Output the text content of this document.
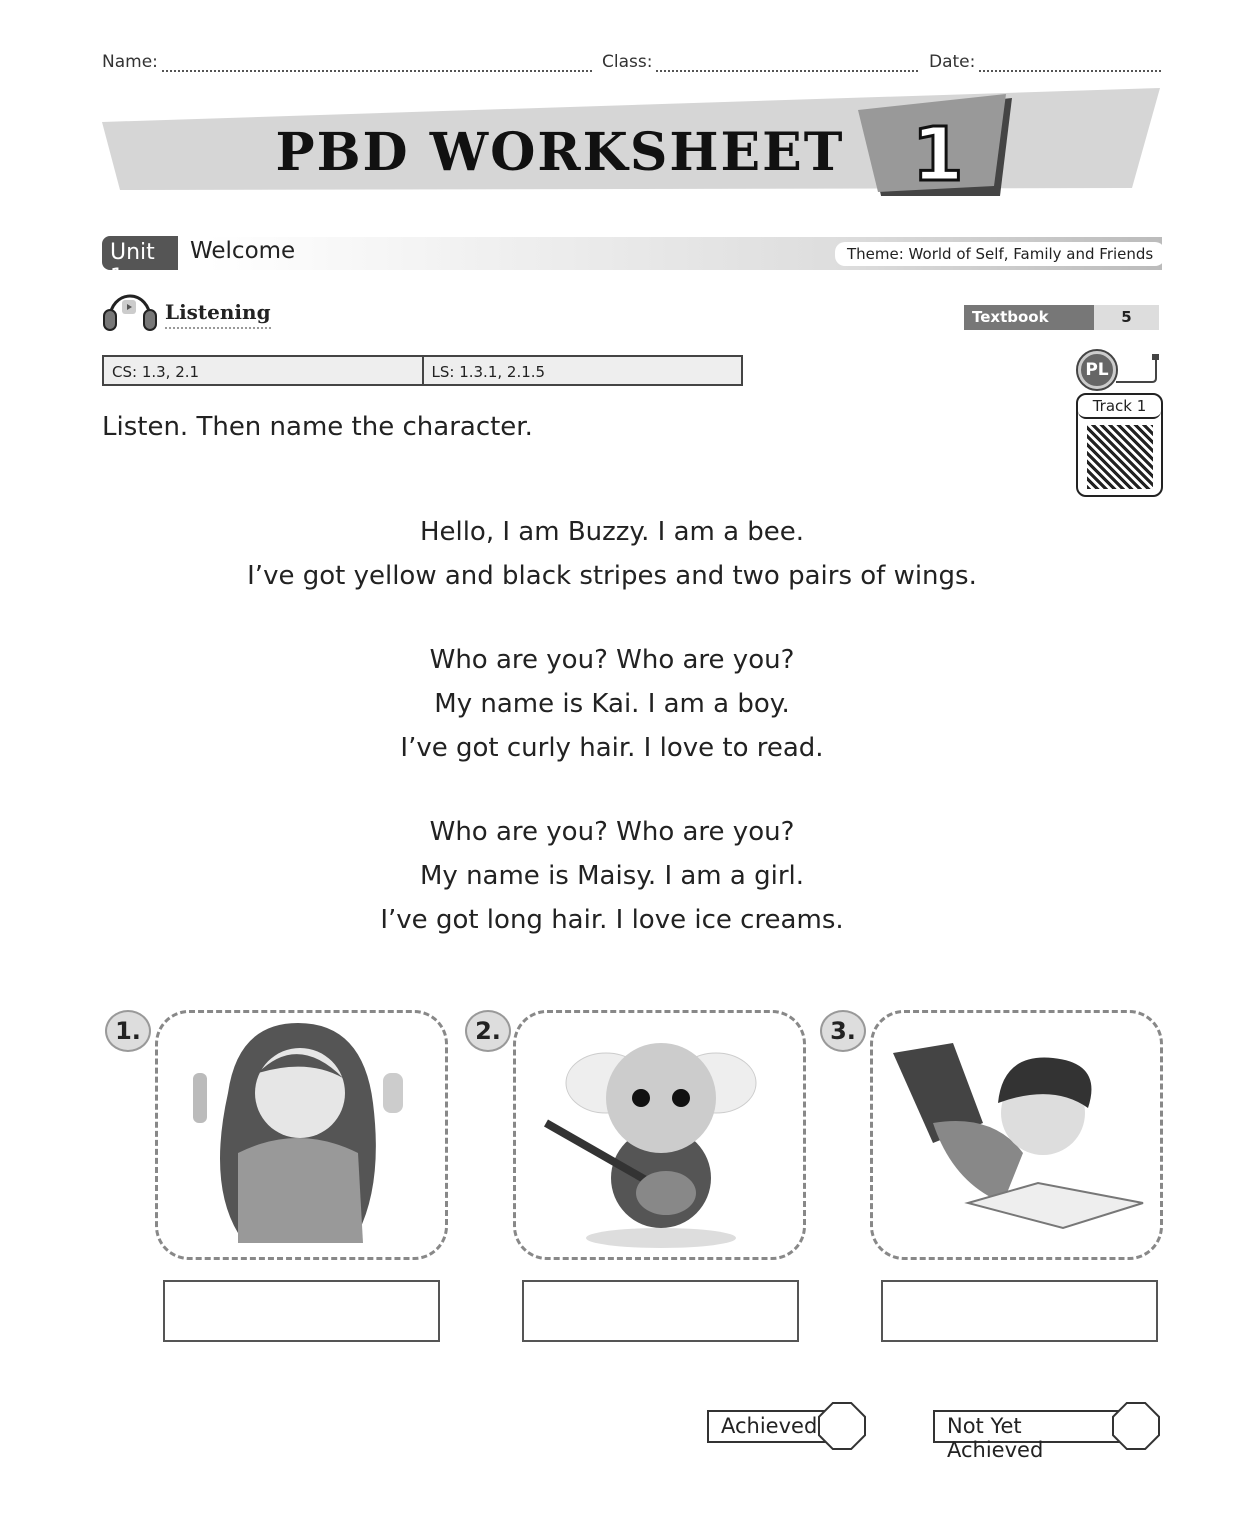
Name:	Class:	Date:
PBD WORKSHEET 1
Unit 1
Welcome	Theme: World of Self, Family and Friends
Listening	Textbook page:
5
CS: 1.3, 2.1	LS: 1.3.1, 2.1.5	PL
Track 1
Listen. Then name the character.
Hello, I am Buzzy. I am a bee.
I’ve got yellow and black stripes and two pairs of wings.
Who are you? Who are you?
My name is Kai. I am a boy.
I’ve got curly hair. I love to read.
Who are you? Who are you?
My name is Maisy. I am a girl.
I’ve got long hair. I love ice creams.
1.	2.	3.
Achieved	Not Yet Achieved
